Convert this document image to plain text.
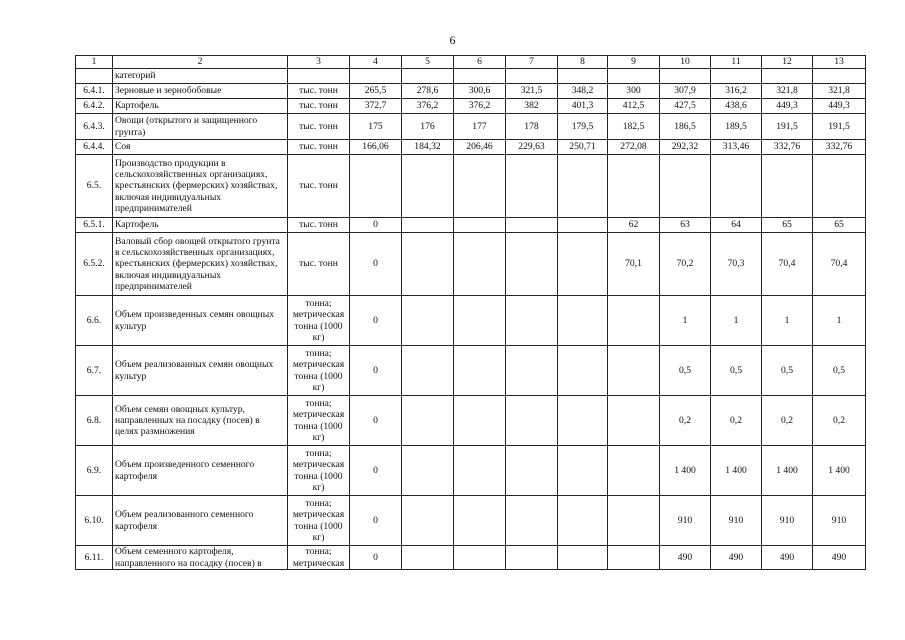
6
1	2	3	4	5	6	7	8	9	10	11	12	13
	категорий											
6.4.1.	Зерновые и зернобобовые	тыс. тонн	265,5	278,6	300,6	321,5	348,2	300	307,9	316,2	321,8	321,8
6.4.2.	Картофель	тыс. тонн	372,7	376,2	376,2	382	401,3	412,5	427,5	438,6	449,3	449,3
6.4.3.	Овощи (открытого и защищенного грунта)	тыс. тонн	175	176	177	178	179,5	182,5	186,5	189,5	191,5	191,5
6.4.4.	Соя	тыс. тонн	166,06	184,32	206,46	229,63	250,71	272,08	292,32	313,46	332,76	332,76
6.5.	Производство продукции в сельскохозяйственных организациях, крестьянских (фермерских) хозяйствах, включая индивидуальных предпринимателей	тыс. тонн										
6.5.1.	Картофель	тыс. тонн	0					62	63	64	65	65
6.5.2.	Валовый сбор овощей открытого грунта в сельскохозяйственных организациях, крестьянских (фермерских) хозяйствах, включая индивидуальных предпринимателей	тыс. тонн	0					70,1	70,2	70,3	70,4	70,4
6.6.	Объем произведенных семян овощных культур	тонна; метрическая тонна (1000 кг)	0						1	1	1	1
6.7.	Объем реализованных семян овощных культур	тонна; метрическая тонна (1000 кг)	0						0,5	0,5	0,5	0,5
6.8.	Объем семян овощных культур, направленных на посадку (посев) в целях размножения	тонна; метрическая тонна (1000 кг)	0						0,2	0,2	0,2	0,2
6.9.	Объем произведенного семенного картофеля	тонна; метрическая тонна (1000 кг)	0						1 400	1 400	1 400	1 400
6.10.	Объем реализованного семенного картофеля	тонна; метрическая тонна (1000 кг)	0						910	910	910	910
6.11.	Объем семенного картофеля, направленного на посадку (посев) в	тонна; метрическая	0						490	490	490	490
